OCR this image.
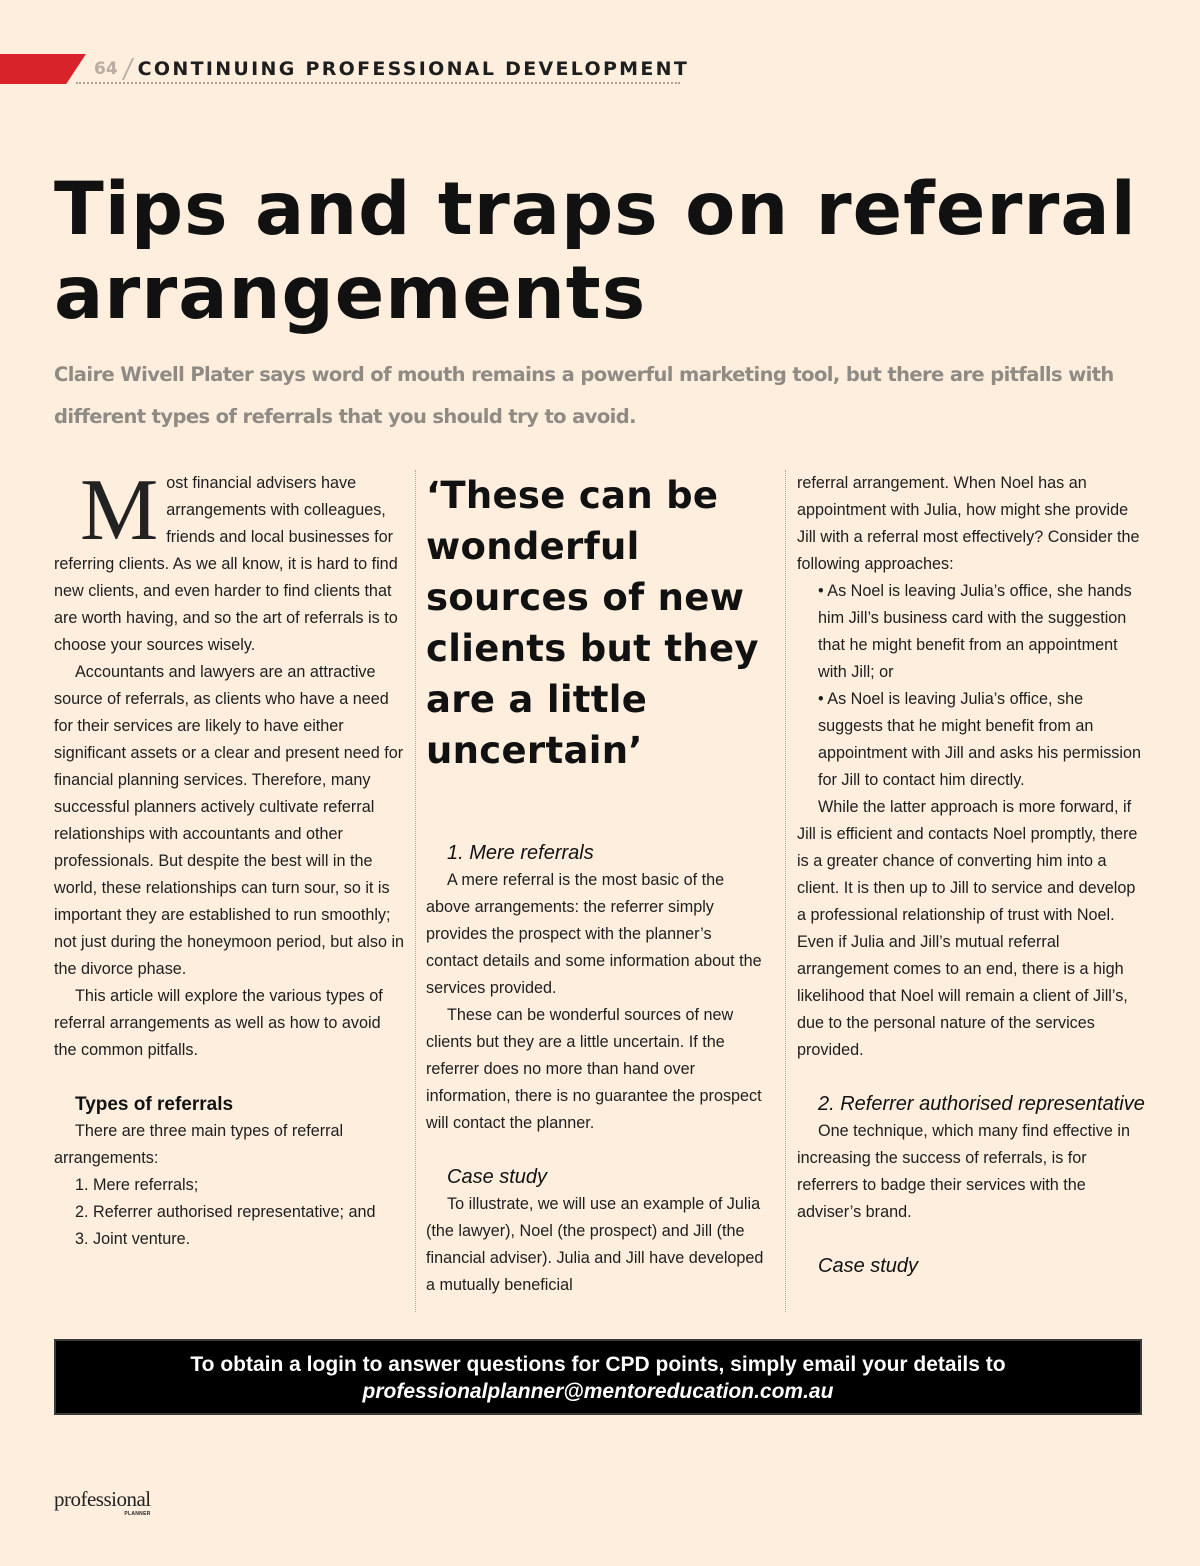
64 CONTINUING PROFESSIONAL DEVELOPMENT
Tips and traps on referral
arrangements

Claire Wivell Plater says word of mouth remains a powerful marketing tool, but there are pitfalls with different types of referrals that you should try to avoid.

Most financial advisers have arrangements with colleagues, friends and local businesses for referring clients. As we all know, it is hard to find new clients, and even harder to find clients that are worth having, and so the art of referrals is to choose your sources wisely.

Accountants and lawyers are an attractive source of referrals, as clients who have a need for their services are likely to have either significant assets or a clear and present need for financial planning services. Therefore, many successful planners actively cultivate referral relationships with accountants and other professionals. But despite the best will in the world, these relationships can turn sour, so it is important they are established to run smoothly; not just during the honeymoon period, but also in the divorce phase.

This article will explore the various types of referral arrangements as well as how to avoid the common pitfalls.

Types of referrals

There are three main types of referral arrangements:

1. Mere referrals;

2. Referrer authorised representative; and

3. Joint venture.

‘These can be wonderful sources of new clients but they are a little uncertain’

1. Mere referrals

A mere referral is the most basic of the above arrangements: the referrer simply provides the prospect with the planner’s contact details and some information about the services provided.

These can be wonderful sources of new clients but they are a little uncertain. If the referrer does no more than hand over information, there is no guarantee the prospect will contact the planner.

Case study

To illustrate, we will use an example of Julia (the lawyer), Noel (the prospect) and Jill (the financial adviser). Julia and Jill have developed a mutually beneficial

referral arrangement. When Noel has an appointment with Julia, how might she provide Jill with a referral most effectively? Consider the following approaches:

• As Noel is leaving Julia’s office, she hands him Jill’s business card with the suggestion that he might benefit from an appointment with Jill; or

• As Noel is leaving Julia’s office, she suggests that he might benefit from an appointment with Jill and asks his permission for Jill to contact him directly.

While the latter approach is more forward, if Jill is efficient and contacts Noel promptly, there is a greater chance of converting him into a client. It is then up to Jill to service and develop a professional relationship of trust with Noel. Even if Julia and Jill’s mutual referral arrangement comes to an end, there is a high likelihood that Noel will remain a client of Jill’s, due to the personal nature of the services provided.

2. Referrer authorised representative

One technique, which many find effective in increasing the success of referrals, is for referrers to badge their services with the adviser’s brand.

Case study
To obtain a login to answer questions for CPD points, simply email your details to
professionalplanner@mentoreducation.com.au
professional
PLANNER
